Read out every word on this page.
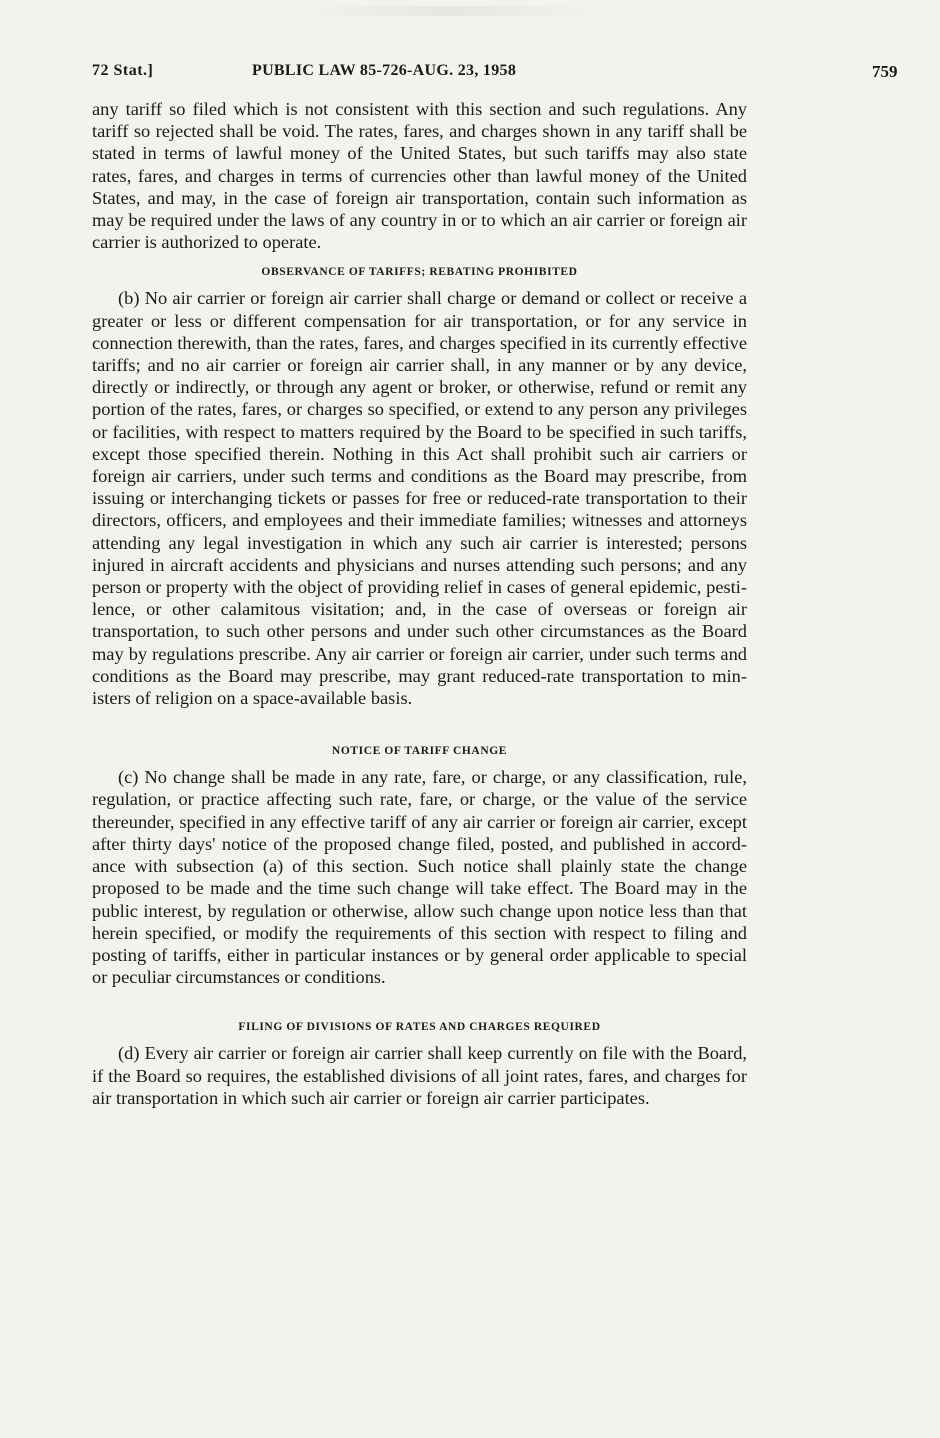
72 Stat.]	PUBLIC LAW 85-726-AUG. 23, 1958	759

any tariff so filed which is not consistent with this section and such regulations. Any tariff so rejected shall be void. The rates, fares, and charges shown in any tariff shall be stated in terms of lawful money of the United States, but such tariffs may also state rates, fares, and charges in terms of currencies other than lawful money of the United States, and may, in the case of foreign air transportation, contain such information as may be required under the laws of any country in or to which an air carrier or foreign air carrier is authorized to operate.

OBSERVANCE OF TARIFFS; REBATING PROHIBITED

(b) No air carrier or foreign air carrier shall charge or demand or collect or receive a greater or less or different compensation for air transportation, or for any service in connection therewith, than the rates, fares, and charges specified in its currently effective tariffs; and no air carrier or foreign air carrier shall, in any manner or by any device, directly or indirectly, or through any agent or broker, or otherwise, refund or remit any portion of the rates, fares, or charges so specified, or extend to any person any privileges or facilities, with respect to matters required by the Board to be specified in such tariffs, except those specified therein. Nothing in this Act shall prohibit such air carriers or foreign air carriers, under such terms and conditions as the Board may prescribe, from issuing or interchanging tickets or passes for free or reduced-rate transportation to their directors, officers, and employees and their immediate families; witnesses and attorneys attending any legal investigation in which any such air carrier is interested; persons injured in aircraft accidents and physicians and nurses attending such persons; and any person or property with the object of providing relief in cases of general epidemic, pestilence, or other calamitous visitation; and, in the case of overseas or foreign air transportation, to such other persons and under such other circumstances as the Board may by regulations prescribe. Any air carrier or foreign air carrier, under such terms and conditions as the Board may prescribe, may grant reduced-rate transportation to ministers of religion on a space-available basis.

NOTICE OF TARIFF CHANGE

(c) No change shall be made in any rate, fare, or charge, or any classification, rule, regulation, or practice affecting such rate, fare, or charge, or the value of the service thereunder, specified in any effective tariff of any air carrier or foreign air carrier, except after thirty days' notice of the proposed change filed, posted, and published in accordance with subsection (a) of this section. Such notice shall plainly state the change proposed to be made and the time such change will take effect. The Board may in the public interest, by regulation or otherwise, allow such change upon notice less than that herein specified, or modify the requirements of this section with respect to filing and posting of tariffs, either in particular instances or by general order applicable to special or peculiar circumstances or conditions.

FILING OF DIVISIONS OF RATES AND CHARGES REQUIRED

(d) Every air carrier or foreign air carrier shall keep currently on file with the Board, if the Board so requires, the established divisions of all joint rates, fares, and charges for air transportation in which such air carrier or foreign air carrier participates.
